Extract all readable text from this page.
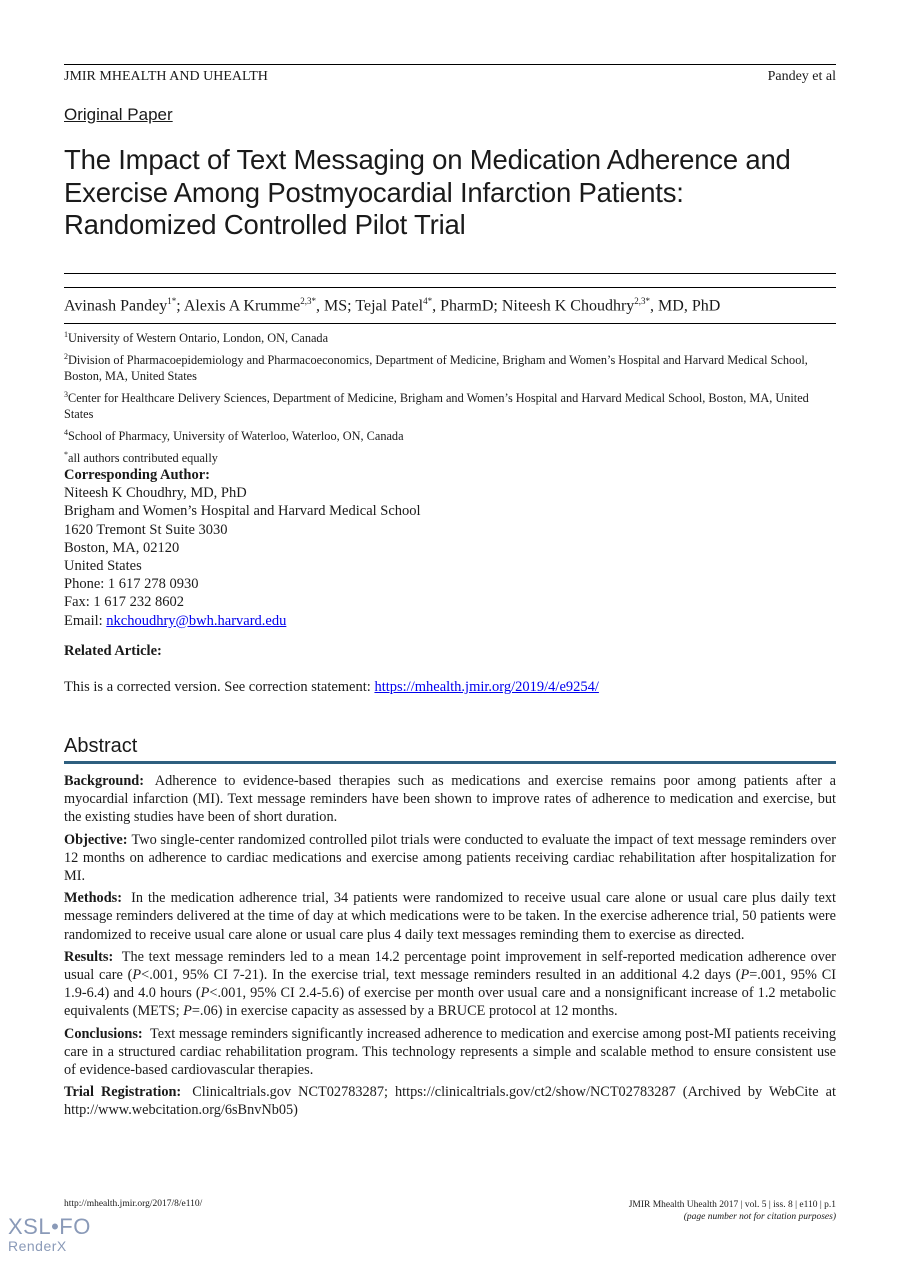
JMIR MHEALTH AND UHEALTH	Pandey et al
Original Paper
The Impact of Text Messaging on Medication Adherence and Exercise Among Postmyocardial Infarction Patients: Randomized Controlled Pilot Trial
Avinash Pandey$^{1*}$; Alexis A Krumme$^{2,3*}$, MS; Tejal Patel$^{4*}$, PharmD; Niteesh K Choudhry$^{2,3*}$, MD, PhD

$^1$University of Western Ontario, London, ON, Canada

$^2$Division of Pharmacoepidemiology and Pharmacoeconomics, Department of Medicine, Brigham and Women’s Hospital and Harvard Medical School, Boston, MA, United States

$^3$Center for Healthcare Delivery Sciences, Department of Medicine, Brigham and Women’s Hospital and Harvard Medical School, Boston, MA, United States

$^4$School of Pharmacy, University of Waterloo, Waterloo, ON, Canada

*all authors contributed equally

Corresponding Author:
Niteesh K Choudhry, MD, PhD
Brigham and Women’s Hospital and Harvard Medical School
1620 Tremont St Suite 3030
Boston, MA, 02120
United States
Phone: 1 617 278 0930
Fax: 1 617 232 8602
Email: nkchoudhry@bwh.harvard.edu
Related Article:
This is a corrected version. See correction statement: https://mhealth.jmir.org/2019/4/e9254/
Abstract

Background: Adherence to evidence-based therapies such as medications and exercise remains poor among patients after a myocardial infarction (MI). Text message reminders have been shown to improve rates of adherence to medication and exercise, but the existing studies have been of short duration.

Objective: Two single-center randomized controlled pilot trials were conducted to evaluate the impact of text message reminders over 12 months on adherence to cardiac medications and exercise among patients receiving cardiac rehabilitation after hospitalization for MI.

Methods: In the medication adherence trial, 34 patients were randomized to receive usual care alone or usual care plus daily text message reminders delivered at the time of day at which medications were to be taken. In the exercise adherence trial, 50 patients were randomized to receive usual care alone or usual care plus 4 daily text messages reminding them to exercise as directed.

Results: The text message reminders led to a mean 14.2 percentage point improvement in self-reported medication adherence over usual care (P<.001, 95% CI 7-21). In the exercise trial, text message reminders resulted in an additional 4.2 days (P=.001, 95% CI 1.9-6.4) and 4.0 hours (P<.001, 95% CI 2.4-5.6) of exercise per month over usual care and a nonsignificant increase of 1.2 metabolic equivalents (METS; P=.06) in exercise capacity as assessed by a BRUCE protocol at 12 months.

Conclusions: Text message reminders significantly increased adherence to medication and exercise among post-MI patients receiving care in a structured cardiac rehabilitation program. This technology represents a simple and scalable method to ensure consistent use of evidence-based cardiovascular therapies.

Trial Registration: Clinicaltrials.gov NCT02783287; https://clinicaltrials.gov/ct2/show/NCT02783287 (Archived by WebCite at http://www.webcitation.org/6sBnvNb05)

http://mhealth.jmir.org/2017/8/e110/	JMIR Mhealth Uhealth 2017 | vol. 5 | iss. 8 | e110 | p.1
(page number not for citation purposes)
XSL•FO
RenderX
